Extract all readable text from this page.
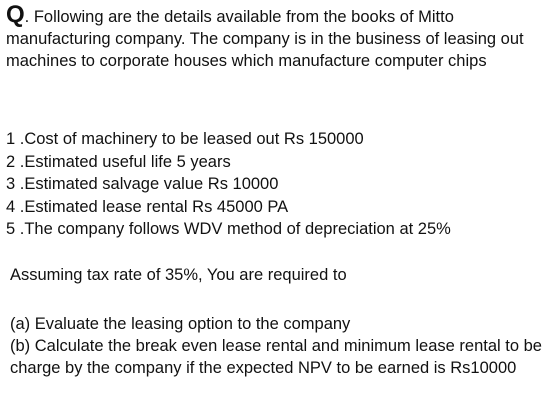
Q. Following are the details available from the books of Mitto manufacturing company. The company is in the business of leasing out machines to corporate houses which manufacture computer chips
1 .Cost of machinery to be leased out Rs 150000
2 .Estimated useful life 5 years
3 .Estimated salvage value Rs 10000
4 .Estimated lease rental Rs 45000 PA
5 .The company follows WDV method of depreciation at 25%
Assuming tax rate of 35%, You are required to
(a) Evaluate the leasing option to the company
(b) Calculate the break even lease rental and minimum lease rental to be charge by the company if the expected NPV to be earned is Rs10000
